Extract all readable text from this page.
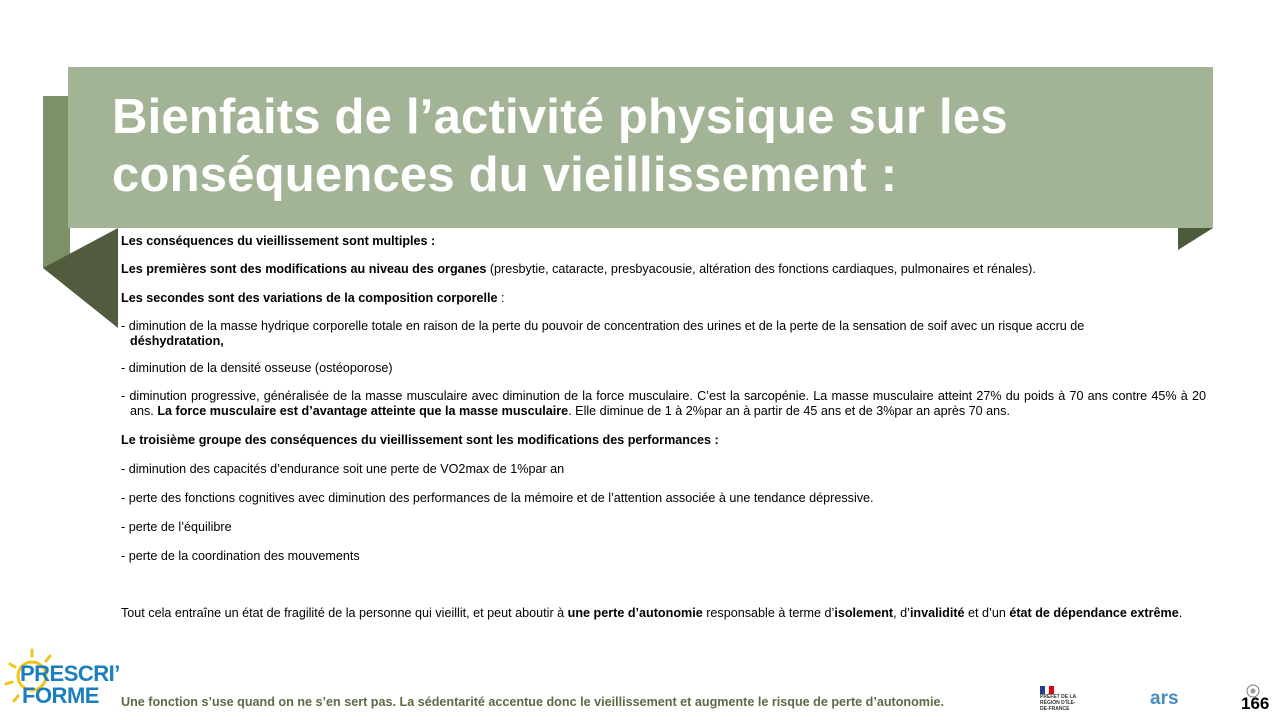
Bienfaits de l’activité physique sur les
conséquences du vieillissement :

Les conséquences du vieillissement sont multiples :

Les premières sont des modifications au niveau des organes (presbytie, cataracte, presbyacousie, altération des fonctions cardiaques, pulmonaires et rénales).

Les secondes sont des variations de la composition corporelle :

- diminution de la masse hydrique corporelle totale en raison de la perte du pouvoir de concentration des urines et de la perte de la sensation de soif avec un risque accru de déshydratation,

- diminution de la densité osseuse (ostéoporose)

- diminution progressive, généralisée de la masse musculaire avec diminution de la force musculaire. C’est la sarcopénie. La masse musculaire atteint 27% du poids à 70 ans contre 45% à 20 ans. La force musculaire est d’avantage atteinte que la masse musculaire. Elle diminue de 1 à 2%par an à partir de 45 ans et de 3%par an après 70 ans.

Le troisième groupe des conséquences du vieillissement sont les modifications des performances :

- diminution des capacités d’endurance soit une perte de VO2max de 1%par an

- perte des fonctions cognitives avec diminution des performances de la mémoire et de l’attention associée à une tendance dépressive.

- perte de l’équilibre

- perte de la coordination des mouvements

Tout cela entraîne un état de fragilité de la personne qui vieillit, et peut aboutir à une perte d’autonomie responsable à terme d’isolement, d’invalidité et d’un état de dépendance extrême.

PRESCRI’
FORME	Une fonction s’use quand on ne s’en sert pas. La sédentarité accentue donc le vieillissement et augmente le risque de perte d’autonomie.	PRÉFET DE LA RÉGION D’ÎLE-DE-FRANCE	ars	166
